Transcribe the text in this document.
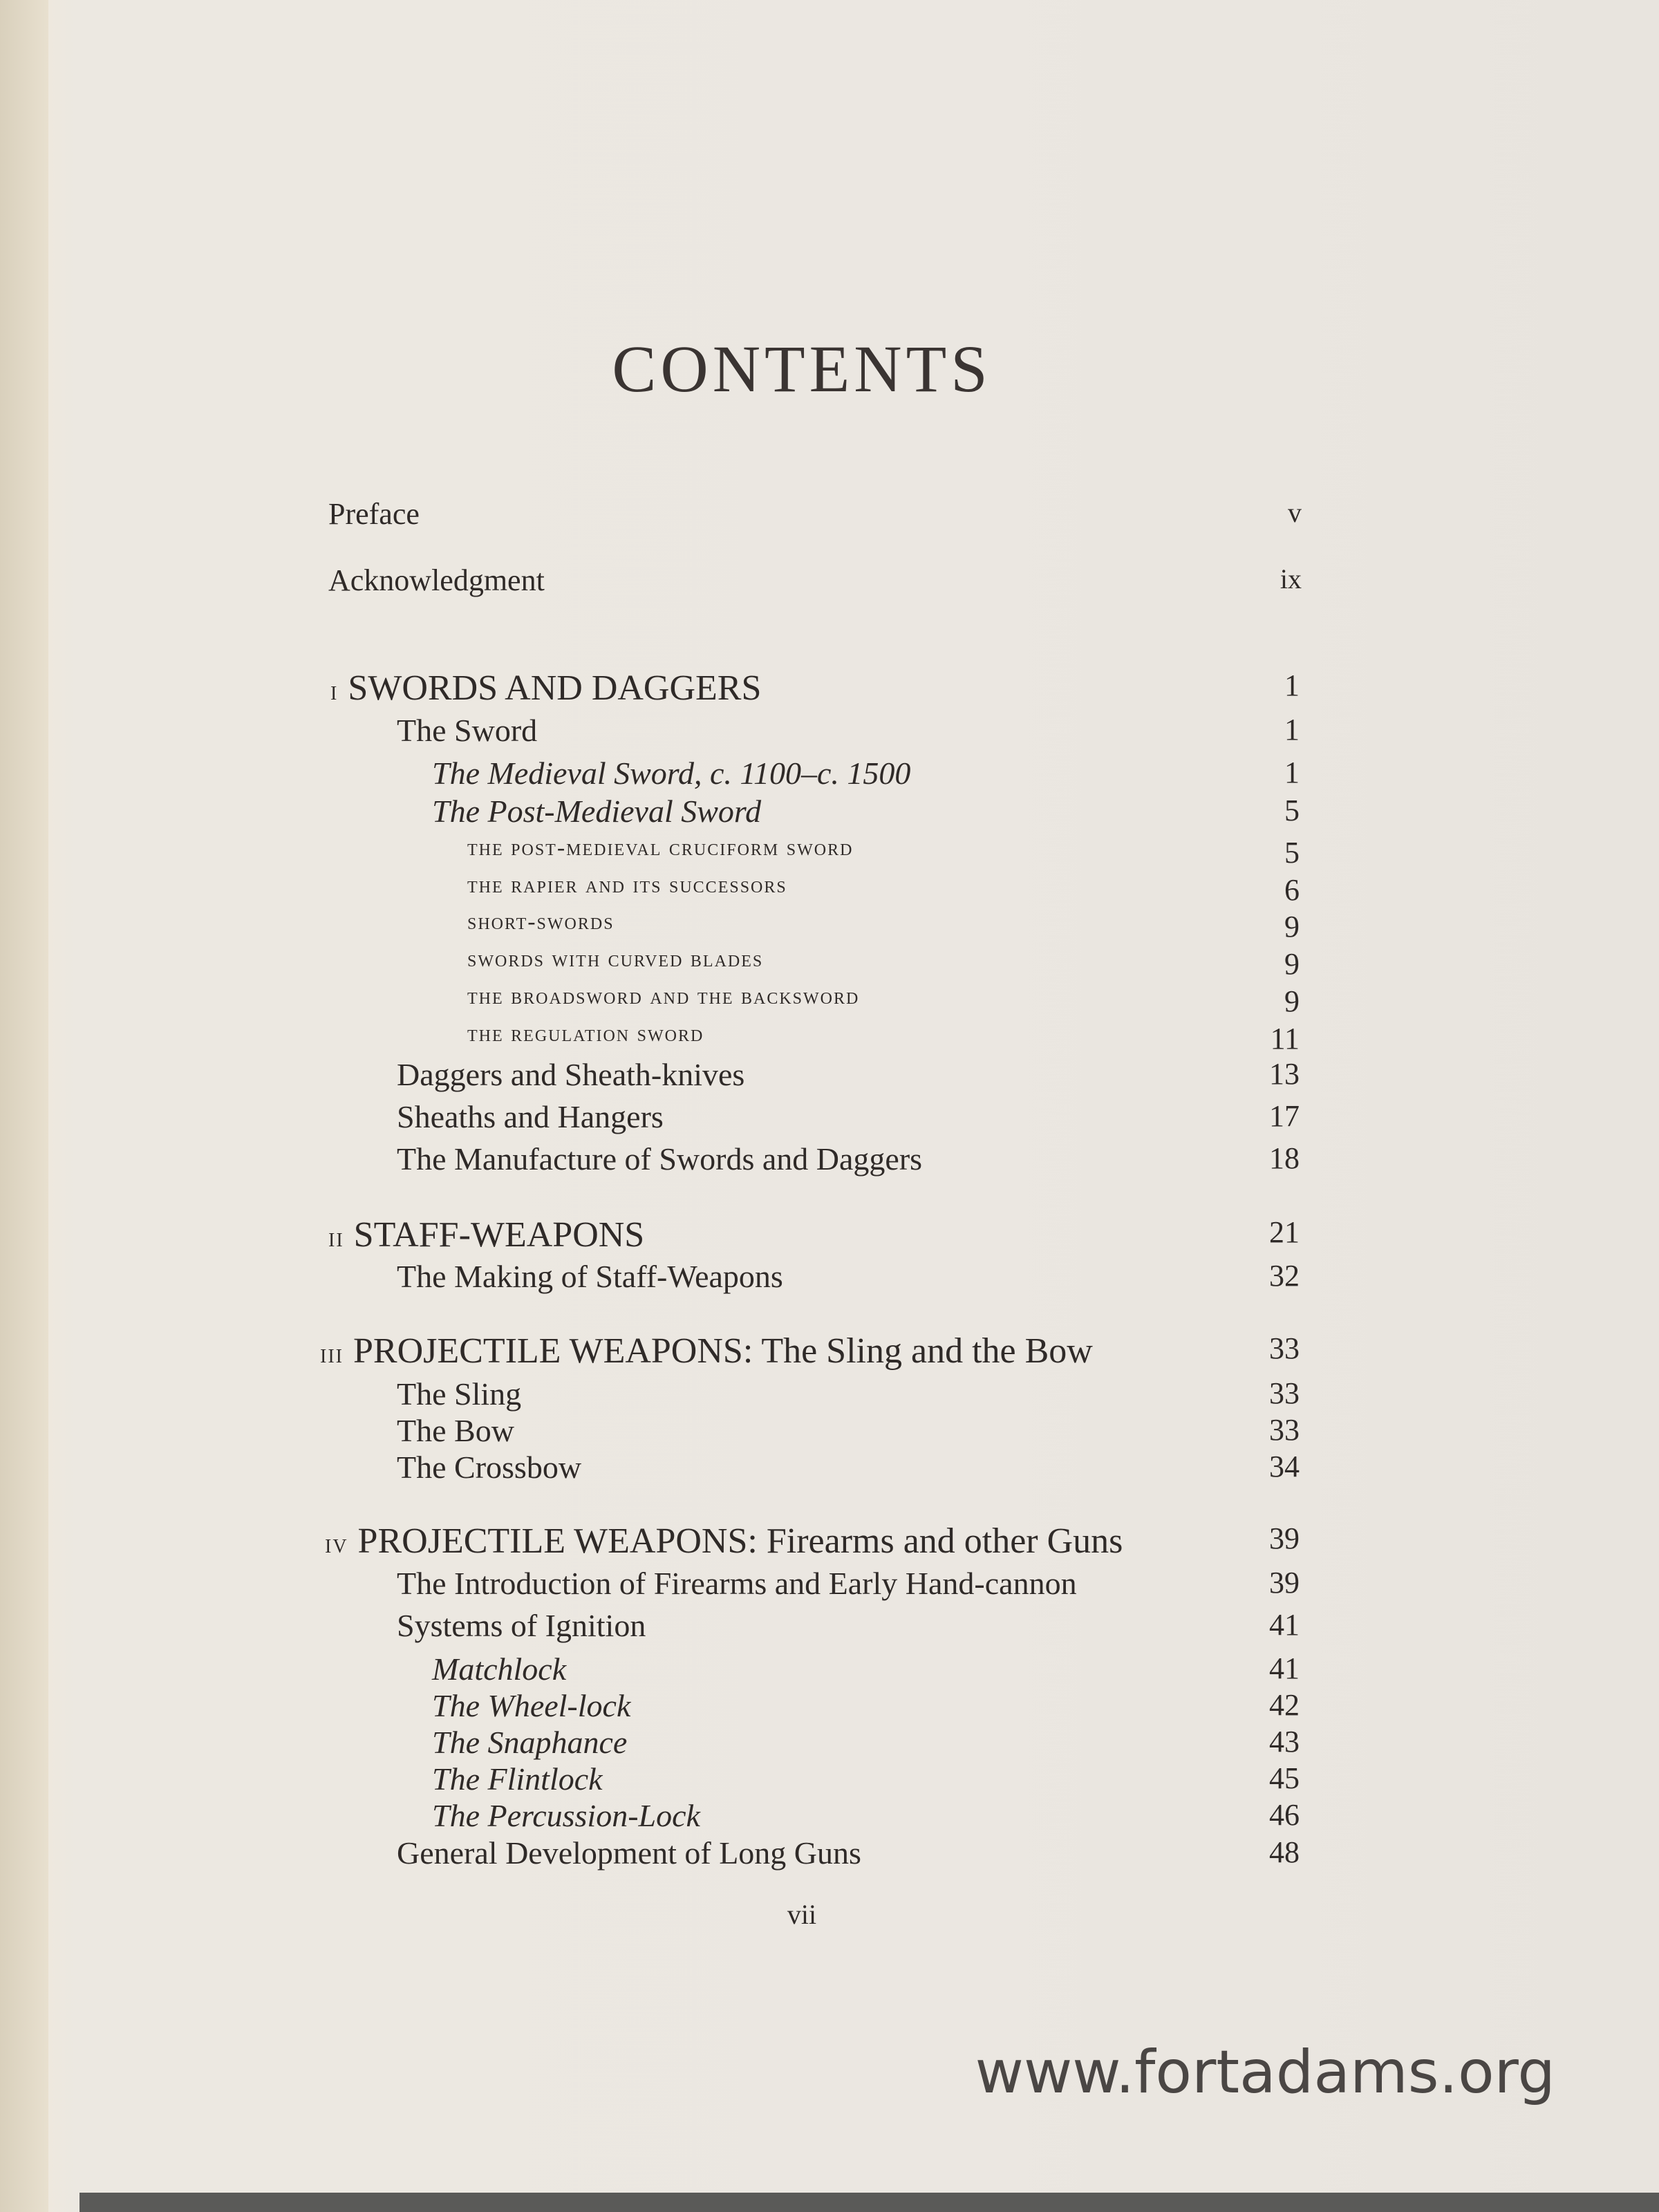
CONTENTS
Preface	v
Acknowledgment	ix
i SWORDS AND DAGGERS	1
The Sword	1
The Medieval Sword, c. 1100–c. 1500	1
The Post-Medieval Sword	5
the post-medieval cruciform sword	5
the rapier and its successors	6
short-swords	9
swords with curved blades	9
the broadsword and the backsword	9
the regulation sword	11
Daggers and Sheath-knives	13
Sheaths and Hangers	17
The Manufacture of Swords and Daggers	18
ii STAFF-WEAPONS	21
The Making of Staff-Weapons	32
iii PROJECTILE WEAPONS: The Sling and the Bow	33
The Sling	33
The Bow	33
The Crossbow	34
iv PROJECTILE WEAPONS: Firearms and other Guns	39
The Introduction of Firearms and Early Hand-cannon	39
Systems of Ignition	41
Matchlock	41
The Wheel-lock	42
The Snaphance	43
The Flintlock	45
The Percussion-Lock	46
General Development of Long Guns	48
vii
www.fortadams.org
